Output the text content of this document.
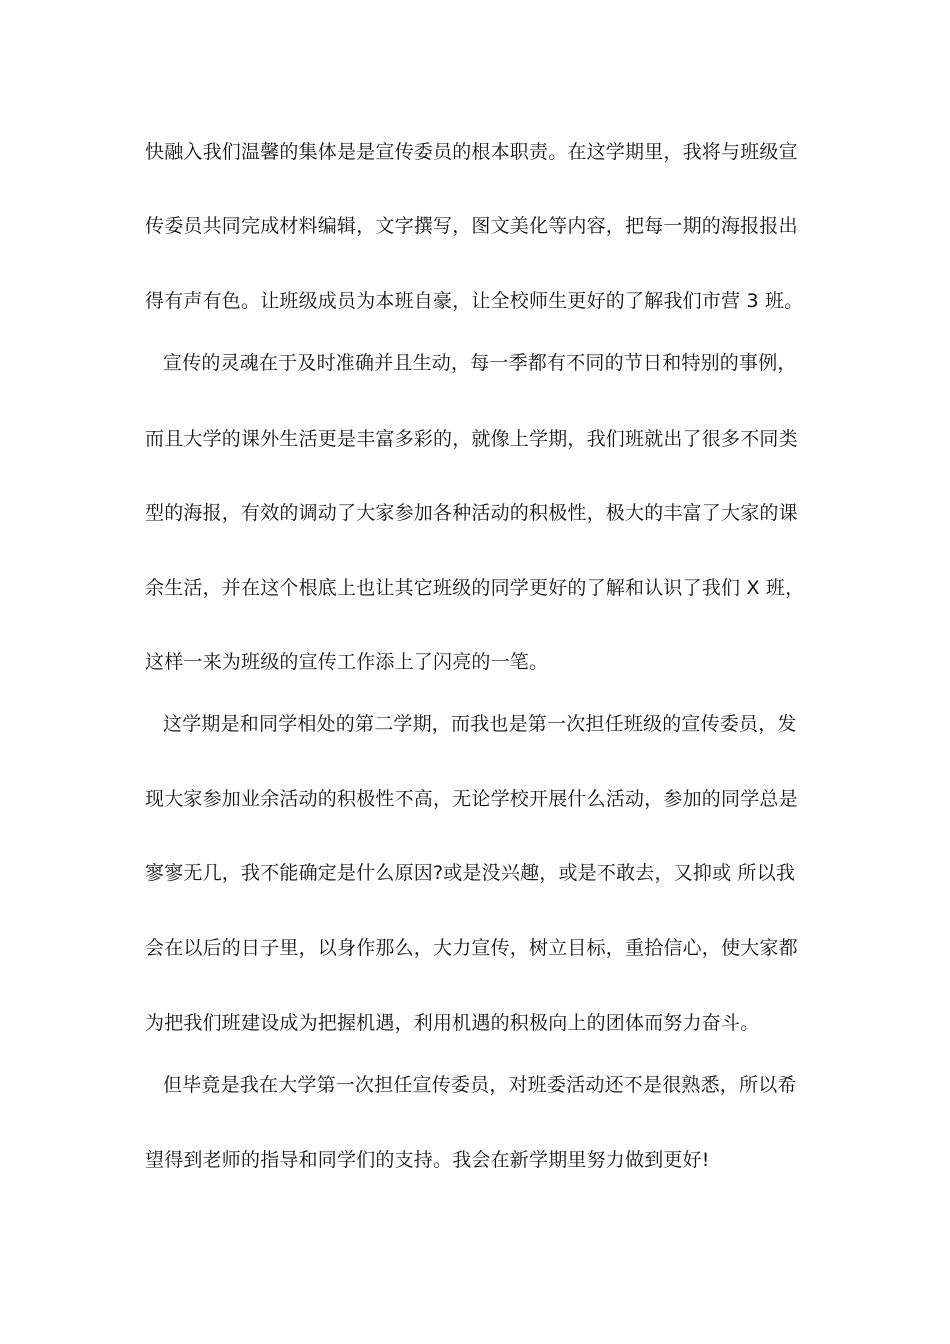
快融入我们温馨的集体是是宣传委员的根本职责。在这学期里，我将与班级宣
传委员共同完成材料编辑，文字撰写，图文美化等内容，把每一期的海报报出
得有声有色。让班级成员为本班自豪，让全校师生更好的了解我们市营 3 班。
宣传的灵魂在于及时准确并且生动，每一季都有不同的节日和特别的事例，
而且大学的课外生活更是丰富多彩的，就像上学期，我们班就出了很多不同类
型的海报，有效的调动了大家参加各种活动的积极性，极大的丰富了大家的课
余生活，并在这个根底上也让其它班级的同学更好的了解和认识了我们 X 班，
这样一来为班级的宣传工作添上了闪亮的一笔。
这学期是和同学相处的第二学期，而我也是第一次担任班级的宣传委员，发
现大家参加业余活动的积极性不高，无论学校开展什么活动，参加的同学总是
寥寥无几，我不能确定是什么原因?或是没兴趣，或是不敢去，又抑或 所以我
会在以后的日子里，以身作那么，大力宣传，树立目标，重拾信心，使大家都
为把我们班建设成为把握机遇，利用机遇的积极向上的团体而努力奋斗。
但毕竟是我在大学第一次担任宣传委员，对班委活动还不是很熟悉，所以希
望得到老师的指导和同学们的支持。我会在新学期里努力做到更好!
